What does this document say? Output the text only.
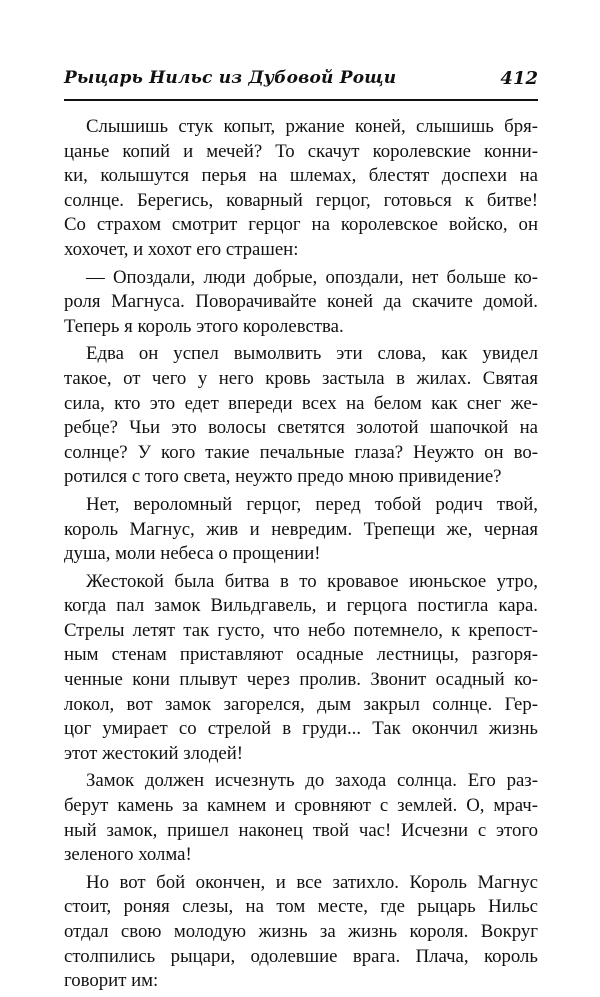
Рыцарь Нильс из Дубовой Рощи	412
Слышишь стук копыт, ржание коней, слышишь бря-
цанье копий и мечей? То скачут королевские конни-
ки, колышутся перья на шлемах, блестят доспехи на
солнце. Берегись, коварный герцог, готовься к битве!
Со страхом смотрит герцог на королевское войско, он
хохочет, и хохот его страшен:
— Опоздали, люди добрые, опоздали, нет больше ко-
роля Магнуса. Поворачивайте коней да скачите домой.
Теперь я король этого королевства.
Едва он успел вымолвить эти слова, как увидел
такое, от чего у него кровь застыла в жилах. Святая
сила, кто это едет впереди всех на белом как снег же-
ребце? Чьи это волосы светятся золотой шапочкой на
солнце? У кого такие печальные глаза? Неужто он во-
ротился с того света, неужто предо мною привидение?
Нет, вероломный герцог, перед тобой родич твой,
король Магнус, жив и невредим. Трепещи же, черная
душа, моли небеса о прощении!
Жестокой была битва в то кровавое июньское утро,
когда пал замок Вильдгавель, и герцога постигла кара.
Стрелы летят так густо, что небо потемнело, к крепост-
ным стенам приставляют осадные лестницы, разгоря-
ченные кони плывут через пролив. Звонит осадный ко-
локол, вот замок загорелся, дым закрыл солнце. Гер-
цог умирает со стрелой в груди... Так окончил жизнь
этот жестокий злодей!
Замок должен исчезнуть до захода солнца. Его раз-
берут камень за камнем и сровняют с землей. О, мрач-
ный замок, пришел наконец твой час! Исчезни с этого
зеленого холма!
Но вот бой окончен, и все затихло. Король Магнус
стоит, роняя слезы, на том месте, где рыцарь Нильс
отдал свою молодую жизнь за жизнь короля. Вокруг
столпились рыцари, одолевшие врага. Плача, король
говорит им:
